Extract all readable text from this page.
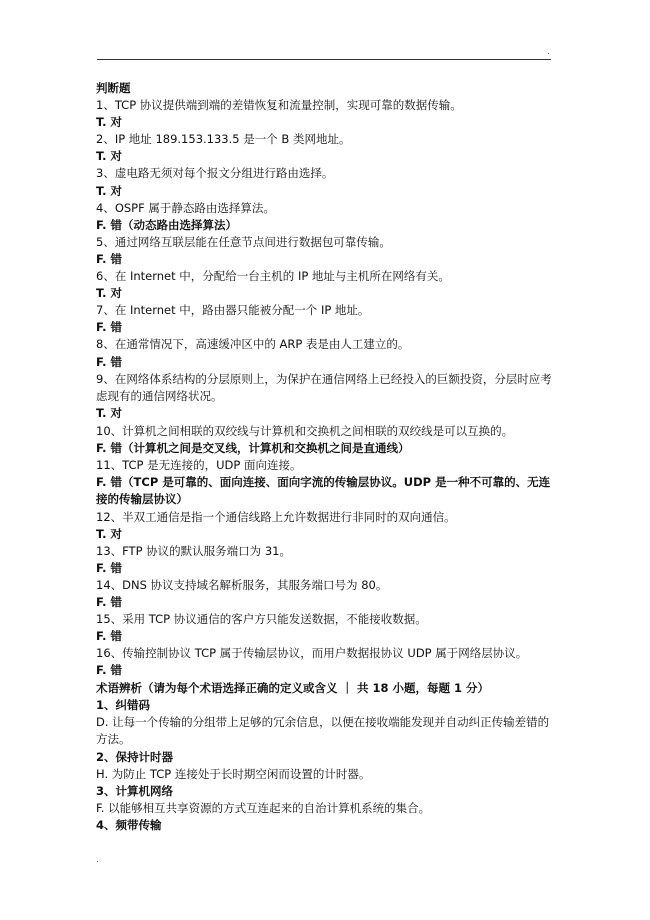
.
判断题
1、TCP 协议提供端到端的差错恢复和流量控制，实现可靠的数据传输。
T. 对
2、IP 地址 189.153.133.5 是一个 B 类网地址。
T. 对
3、虚电路无须对每个报文分组进行路由选择。
T. 对
4、OSPF 属于静态路由选择算法。
F. 错（动态路由选择算法）
5、通过网络互联层能在任意节点间进行数据包可靠传输。
F. 错
6、在 Internet 中，分配给一台主机的 IP 地址与主机所在网络有关。
T. 对
7、在 Internet 中，路由器只能被分配一个 IP 地址。
F. 错
8、在通常情况下，高速缓冲区中的 ARP 表是由人工建立的。
F. 错
9、在网络体系结构的分层原则上，为保护在通信网络上已经投入的巨额投资，分层时应考虑现有的通信网络状况。
T. 对
10、计算机之间相联的双绞线与计算机和交换机之间相联的双绞线是可以互换的。
F. 错（计算机之间是交叉线，计算机和交换机之间是直通线）
11、TCP 是无连接的，UDP 面向连接。
F. 错（TCP 是可靠的、面向连接、面向字流的传输层协议。UDP 是一种不可靠的、无连接的传输层协议）
12、半双工通信是指一个通信线路上允许数据进行非同时的双向通信。
T. 对
13、FTP 协议的默认服务端口为 31。
F. 错
14、DNS 协议支持域名解析服务，其服务端口号为 80。
F. 错
15、采用 TCP 协议通信的客户方只能发送数据，不能接收数据。
F. 错
16、传输控制协议 TCP 属于传输层协议，而用户数据报协议 UDP 属于网络层协议。
F. 错
术语辨析（请为每个术语选择正确的定义或含义 ｜ 共 18 小题，每题 1 分）
1、纠错码
D. 让每一个传输的分组带上足够的冗余信息，以便在接收端能发现并自动纠正传输差错的方法。
2、保持计时器
H. 为防止 TCP 连接处于长时期空闲而设置的计时器。
3、计算机网络
F. 以能够相互共享资源的方式互连起来的自治计算机系统的集合。
4、频带传输
.
